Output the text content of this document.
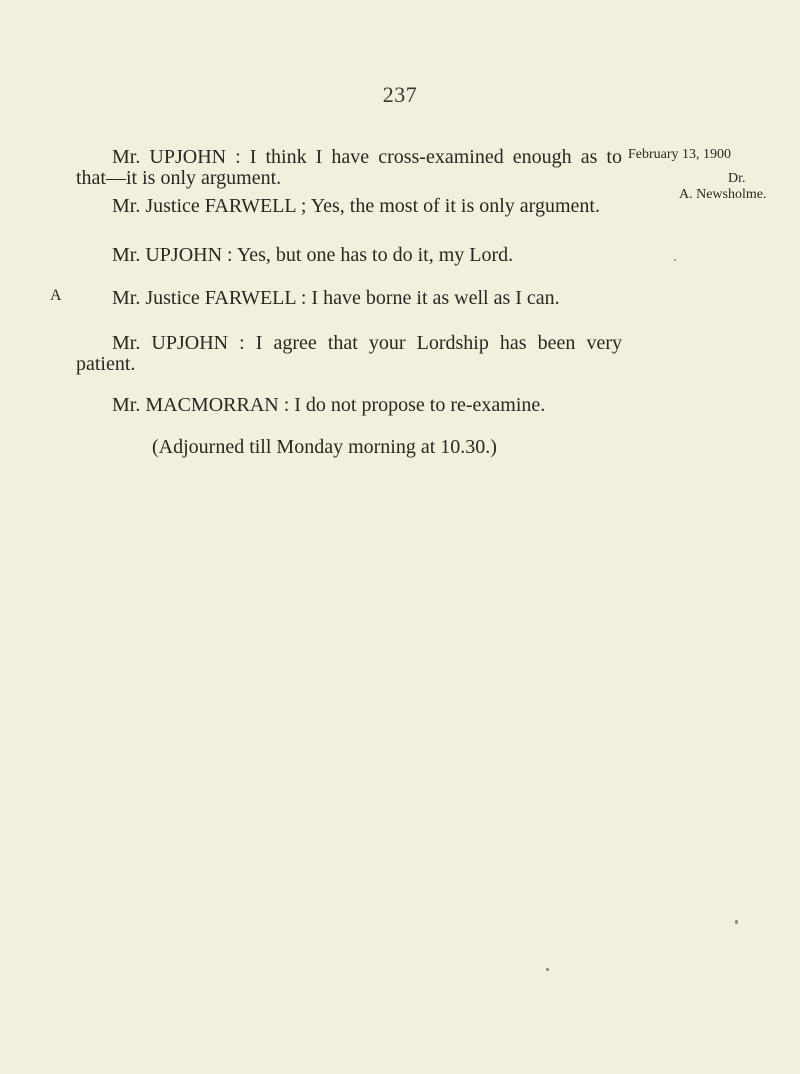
237
Mr. UPJOHN : I think I have cross-examined enough as to
that—it is only argument.
Mr. Justice FARWELL ; Yes, the most of it is only argument.
Mr. UPJOHN : Yes, but one has to do it, my Lord.
A	Mr. Justice FARWELL : I have borne it as well as I can.
Mr. UPJOHN : I agree that your Lordship has been very
patient.
Mr. MACMORRAN : I do not propose to re-examine.
(Adjourned till Monday morning at 10.30.)
February 13, 1900
Dr.
A. Newsholme.
